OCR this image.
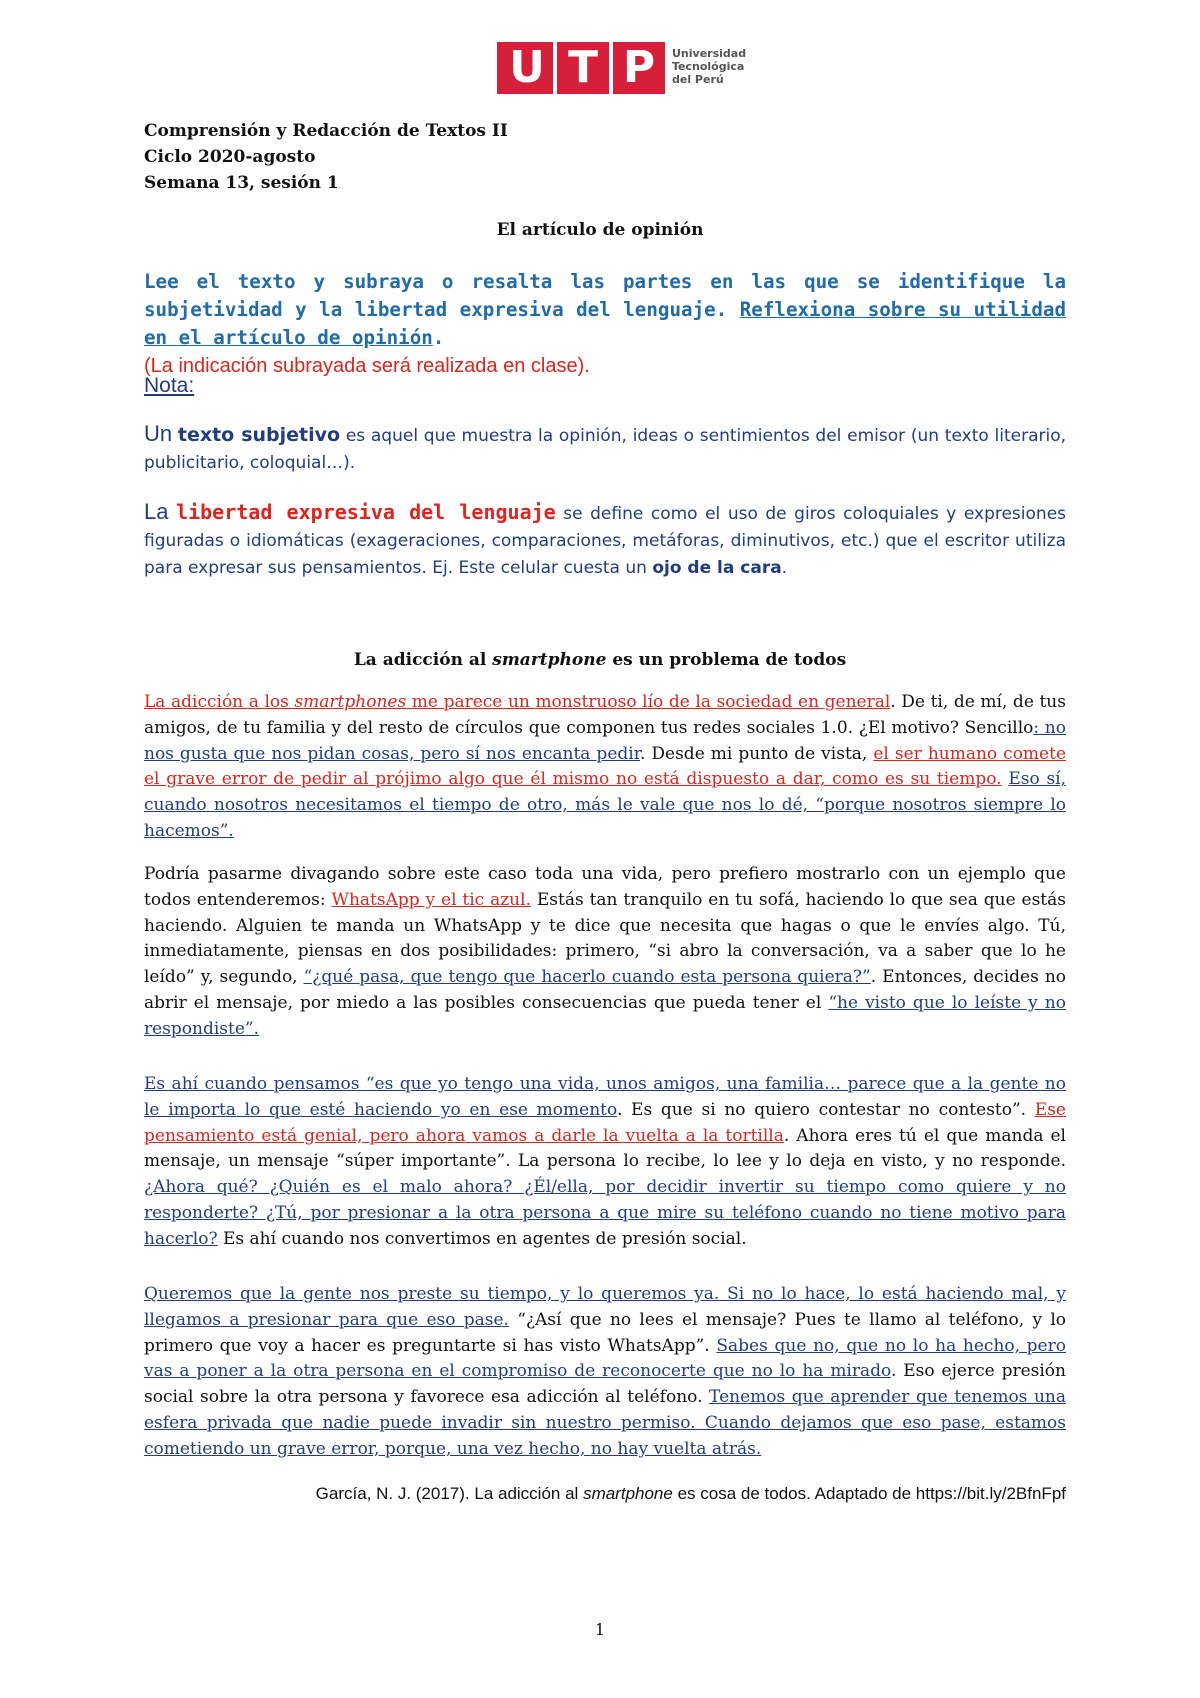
U T P	Universidad
Tecnológica
del Perú
Comprensión y Redacción de Textos II
Ciclo 2020-agosto
Semana 13, sesión 1
El artículo de opinión
Lee el texto y subraya o resalta las partes en las que se identifique la subjetividad y la libertad expresiva del lenguaje. Reflexiona sobre su utilidad en el artículo de opinión.
(La indicación subrayada será realizada en clase).
Nota:
Un texto subjetivo es aquel que muestra la opinión, ideas o sentimientos del emisor (un texto literario, publicitario, coloquial…).
La libertad expresiva del lenguaje se define como el uso de giros coloquiales y expresiones figuradas o idiomáticas (exageraciones, comparaciones, metáforas, diminutivos, etc.) que el escritor utiliza para expresar sus pensamientos. Ej. Este celular cuesta un ojo de la cara.
La adicción al smartphone es un problema de todos
La adicción a los smartphones me parece un monstruoso lío de la sociedad en general. De ti, de mí, de tus amigos, de tu familia y del resto de círculos que componen tus redes sociales 1.0. ¿El motivo? Sencillo: no nos gusta que nos pidan cosas, pero sí nos encanta pedir. Desde mi punto de vista, el ser humano comete el grave error de pedir al prójimo algo que él mismo no está dispuesto a dar, como es su tiempo. Eso sí, cuando nosotros necesitamos el tiempo de otro, más le vale que nos lo dé, “porque nosotros siempre lo hacemos”.
Podría pasarme divagando sobre este caso toda una vida, pero prefiero mostrarlo con un ejemplo que todos entenderemos: WhatsApp y el tic azul. Estás tan tranquilo en tu sofá, haciendo lo que sea que estás haciendo. Alguien te manda un WhatsApp y te dice que necesita que hagas o que le envíes algo. Tú, inmediatamente, piensas en dos posibilidades: primero, “si abro la conversación, va a saber que lo he leído” y, segundo, “¿qué pasa, que tengo que hacerlo cuando esta persona quiera?”. Entonces, decides no abrir el mensaje, por miedo a las posibles consecuencias que pueda tener el “he visto que lo leíste y no respondiste”.
Es ahí cuando pensamos “es que yo tengo una vida, unos amigos, una familia… parece que a la gente no le importa lo que esté haciendo yo en ese momento. Es que si no quiero contestar no contesto”. Ese pensamiento está genial, pero ahora vamos a darle la vuelta a la tortilla. Ahora eres tú el que manda el mensaje, un mensaje “súper importante”. La persona lo recibe, lo lee y lo deja en visto, y no responde. ¿Ahora qué? ¿Quién es el malo ahora? ¿Él/ella, por decidir invertir su tiempo como quiere y no responderte? ¿Tú, por presionar a la otra persona a que mire su teléfono cuando no tiene motivo para hacerlo? Es ahí cuando nos convertimos en agentes de presión social.
Queremos que la gente nos preste su tiempo, y lo queremos ya. Si no lo hace, lo está haciendo mal, y llegamos a presionar para que eso pase. “¿Así que no lees el mensaje? Pues te llamo al teléfono, y lo primero que voy a hacer es preguntarte si has visto WhatsApp”. Sabes que no, que no lo ha hecho, pero vas a poner a la otra persona en el compromiso de reconocerte que no lo ha mirado. Eso ejerce presión social sobre la otra persona y favorece esa adicción al teléfono. Tenemos que aprender que tenemos una esfera privada que nadie puede invadir sin nuestro permiso. Cuando dejamos que eso pase, estamos cometiendo un grave error, porque, una vez hecho, no hay vuelta atrás.
García, N. J. (2017). La adicción al smartphone es cosa de todos. Adaptado de https://bit.ly/2BfnFpf
1
